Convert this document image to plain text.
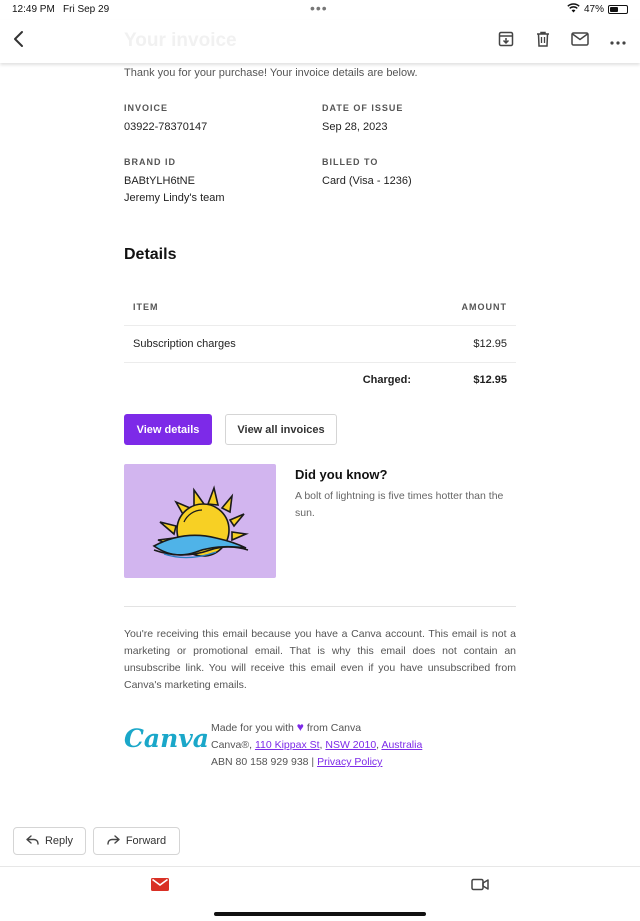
12:49 PM Fri Sep 29	•••	47%
Your invoice
Thank you for your purchase! Your invoice details are below.
INVOICE
03922-78370147
DATE OF ISSUE
Sep 28, 2023
BRAND ID
BABtYLH6tNE
Jeremy Lindy's team
BILLED TO
Card (Visa - 1236)
Details
ITEM	AMOUNT
Subscription charges	$12.95
Charged:	$12.95
View details	View all invoices
Did you know?
A bolt of lightning is five times hotter than the sun.
You're receiving this email because you have a Canva account. This email is not a marketing or promotional email. That is why this email does not contain an unsubscribe link. You will receive this email even if you have unsubscribed from Canva's marketing emails.
Canva Made for you with ♥ from Canva
Canva®, 110 Kippax St, NSW 2010, Australia
ABN 80 158 929 938 | Privacy Policy
Reply	Forward
